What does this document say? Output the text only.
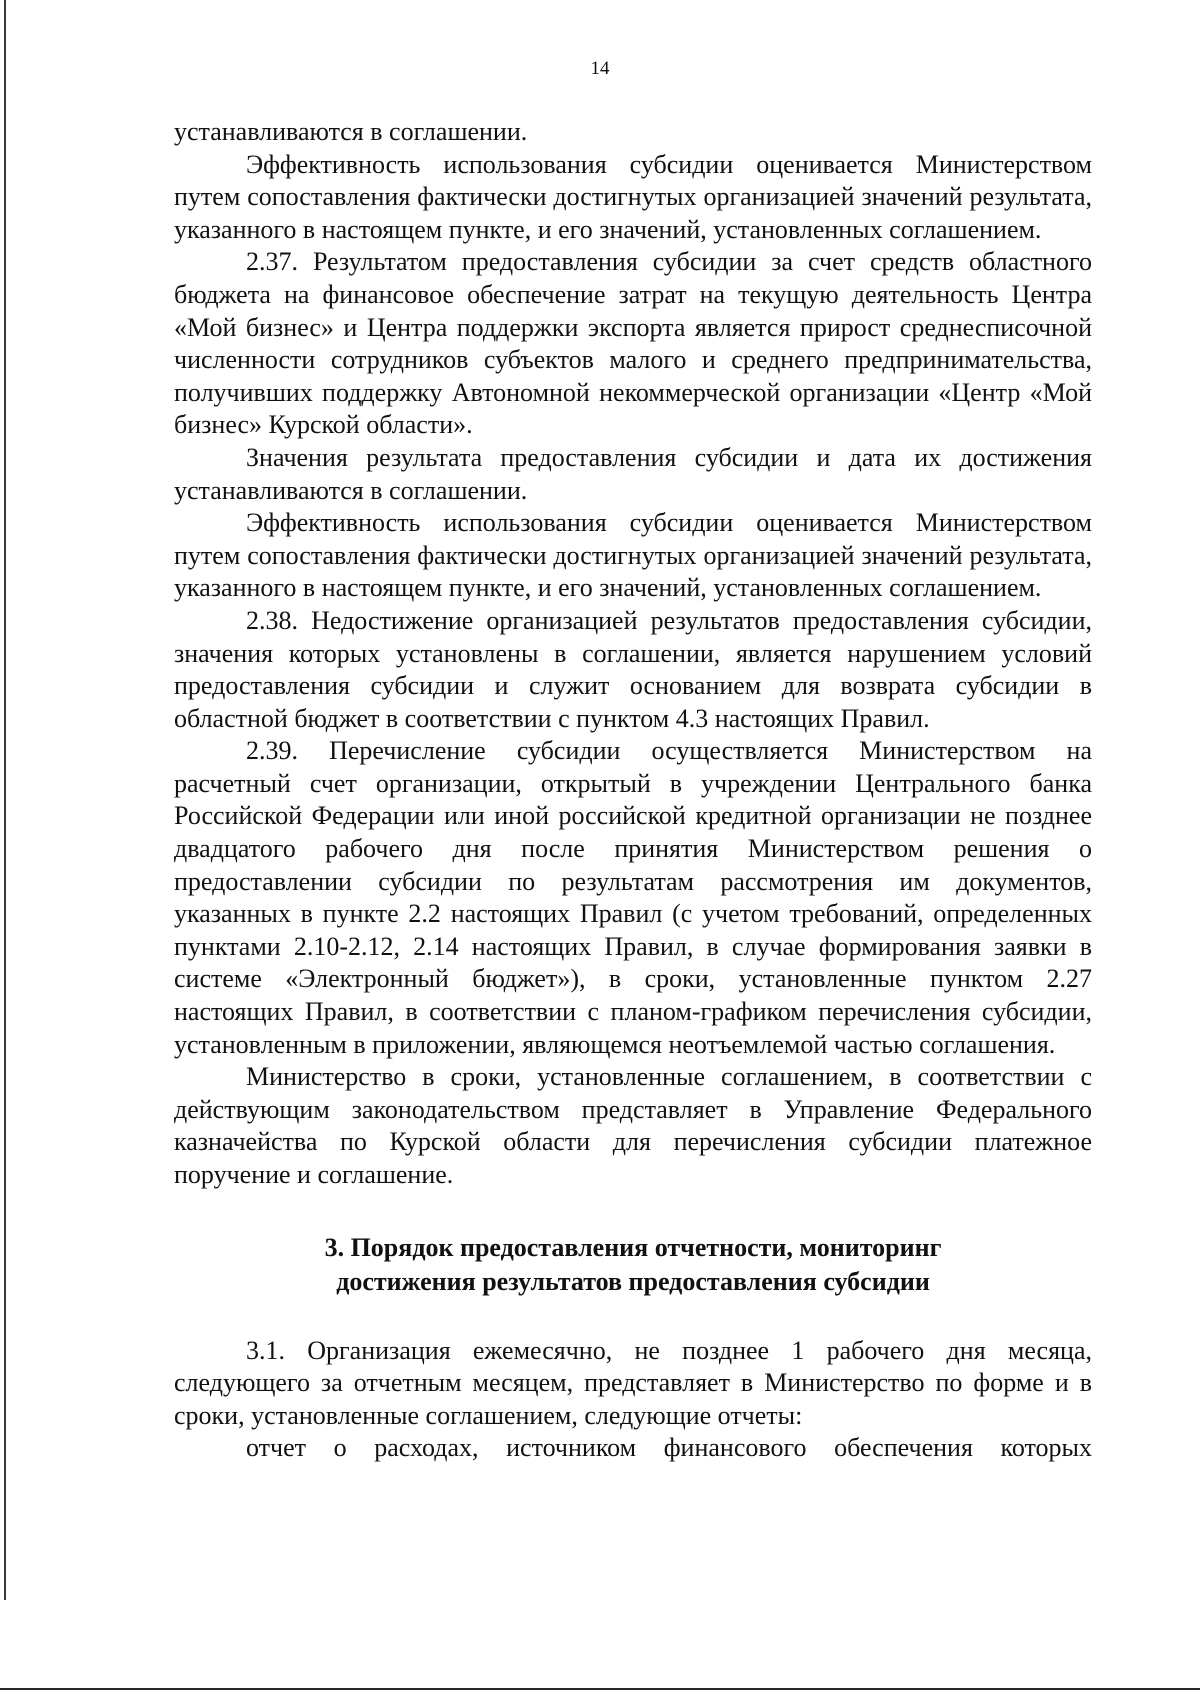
14

устанавливаются в соглашении.

Эффективность использования субсидии оценивается Министерством путем сопоставления фактически достигнутых организацией значений результата, указанного в настоящем пункте, и его значений, установленных соглашением.

2.37. Результатом предоставления субсидии за счет средств областного бюджета на финансовое обеспечение затрат на текущую деятельность Центра «Мой бизнес» и Центра поддержки экспорта является прирост среднесписочной численности сотрудников субъектов малого и среднего предпринимательства, получивших поддержку Автономной некоммерческой организации «Центр «Мой бизнес» Курской области».

Значения результата предоставления субсидии и дата их достижения устанавливаются в соглашении.

Эффективность использования субсидии оценивается Министерством путем сопоставления фактически достигнутых организацией значений результата, указанного в настоящем пункте, и его значений, установленных соглашением.

2.38. Недостижение организацией результатов предоставления субсидии, значения которых установлены в соглашении, является нарушением условий предоставления субсидии и служит основанием для возврата субсидии в областной бюджет в соответствии с пунктом 4.3 настоящих Правил.

2.39. Перечисление субсидии осуществляется Министерством на расчетный счет организации, открытый в учреждении Центрального банка Российской Федерации или иной российской кредитной организации не позднее двадцатого рабочего дня после принятия Министерством решения о предоставлении субсидии по результатам рассмотрения им документов, указанных в пункте 2.2 настоящих Правил (с учетом требований, определенных пунктами 2.10-2.12, 2.14 настоящих Правил, в случае формирования заявки в системе «Электронный бюджет»), в сроки, установленные пунктом 2.27 настоящих Правил, в соответствии с планом-графиком перечисления субсидии, установленным в приложении, являющемся неотъемлемой частью соглашения.

Министерство в сроки, установленные соглашением, в соответствии с действующим законодательством представляет в Управление Федерального казначейства по Курской области для перечисления субсидии платежное поручение и соглашение.

3. Порядок предоставления отчетности, мониторинг
достижения результатов предоставления субсидии

3.1. Организация ежемесячно, не позднее 1 рабочего дня месяца, следующего за отчетным месяцем, представляет в Министерство по форме и в сроки, установленные соглашением, следующие отчеты:

отчет о расходах, источником финансового обеспечения которых
